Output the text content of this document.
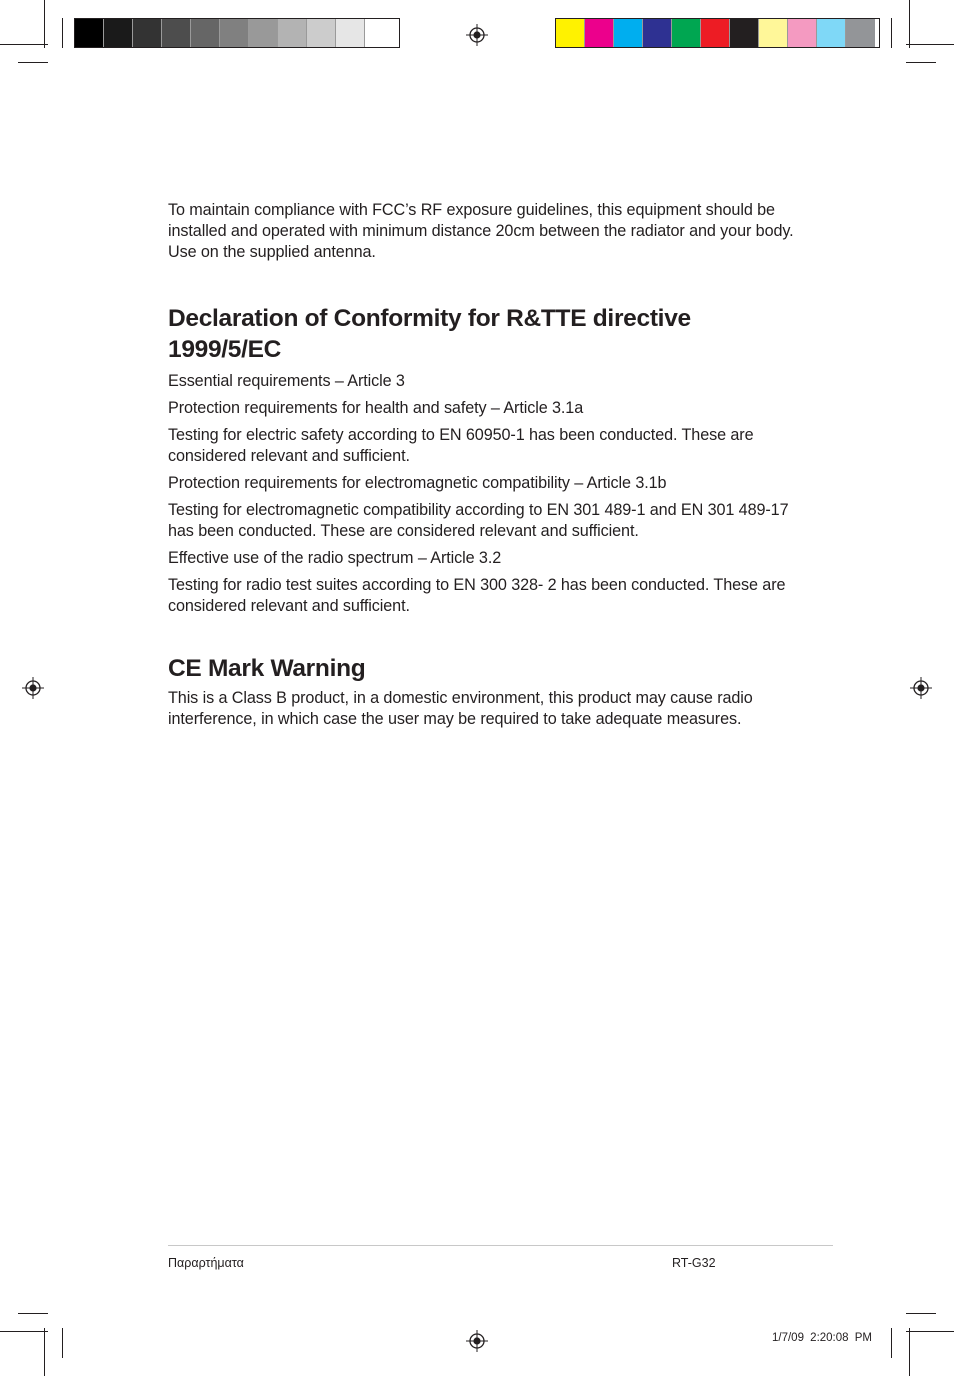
To maintain compliance with FCC’s RF exposure guidelines, this equipment should be installed and operated with minimum distance 20cm between the radiator and your body. Use on the supplied antenna.

Declaration of Conformity for R&TTE directive 1999/5/EC

Essential requirements – Article 3

Protection requirements for health and safety – Article 3.1a

Testing for electric safety according to EN 60950-1 has been conducted. These are considered relevant and sufficient.

Protection requirements for electromagnetic compatibility – Article 3.1b

Testing for electromagnetic compatibility according to EN 301 489-1 and EN 301 489-17 has been conducted. These are considered relevant and sufficient.

Effective use of the radio spectrum – Article 3.2

Testing for radio test suites according to EN 300 328- 2 has been conducted. These are considered relevant and sufficient.

CE Mark Warning

This is a Class B product, in a domestic environment, this product may cause radio interference, in which case the user may be required to take adequate measures.

Παραρτήματα	RT-G32
1/7/09 2:20:08 PM
